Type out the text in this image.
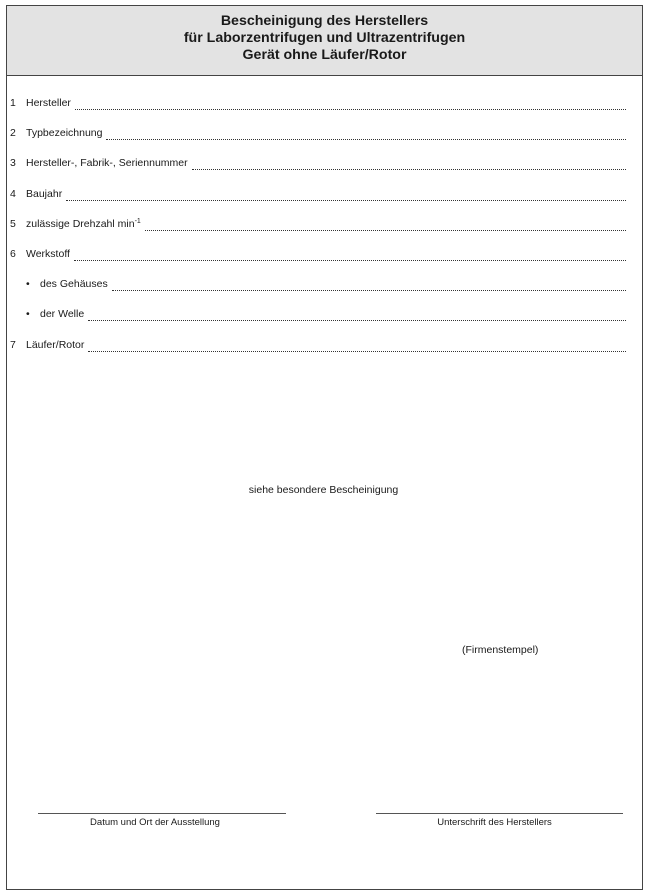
Bescheinigung des Herstellers
für Laborzentrifugen und Ultrazentrifugen
Gerät ohne Läufer/Rotor
1 Hersteller
2 Typbezeichnung
3 Hersteller-, Fabrik-, Seriennummer
4 Baujahr
5 zulässige Drehzahl $\min^{-1}$
6 Werkstoff
• des Gehäuses
• der Welle
7 Läufer/Rotor
siehe besondere Bescheinigung
(Firmenstempel)
Datum und Ort der Ausstellung	Unterschrift des Herstellers
